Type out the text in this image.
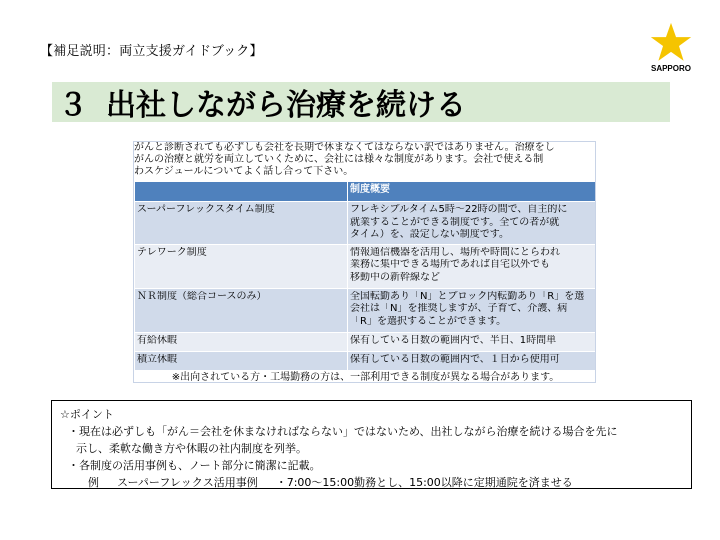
【補足説明：両立支援ガイドブック】
SAPPORO
３ 出社しながら治療を続ける
がんと診断されても必ずしも会社を長期で休まなくてはならない訳ではありません。治療をし
がんの治療と就労を両立していくために、会社には様々な制度があります。会社で使える制
わスケジュールについてよく話し合って下さい。
	制度概要

スーパーフレックスタイム制度	フレキシブルタイム5時〜22時の間で、自主的に
就業することができる制度です。全ての者が就
タイム）を、設定しない制度です。

テレワーク制度	情報通信機器を活用し、場所や時間にとらわれ
業務に集中できる場所であれば自宅以外でも
移動中の新幹線など

ＮＲ制度（総合コースのみ）	全国転勤あり「N」とブロック内転勤あり「R」を選
会社は「N」を推奨しますが、子育て、介護、病
「R」を選択することができます。

有給休暇	保有している日数の範囲内で、半日、1時間単

積立休暇	保有している日数の範囲内で、１日から使用可
※出向されている方・工場勤務の方は、一部利用できる制度が異なる場合があります。

☆ポイント

・現在は必ずしも「がん＝会社を休まなければならない」ではないため、出社しながら治療を続ける場合を先に

示し、柔軟な働き方や休暇の社内制度を列挙。

・各制度の活用事例も、ノート部分に簡潔に記載。

例 スーパーフレックス活用事例 ・7:00〜15:00勤務とし、15:00以降に定期通院を済ませる
